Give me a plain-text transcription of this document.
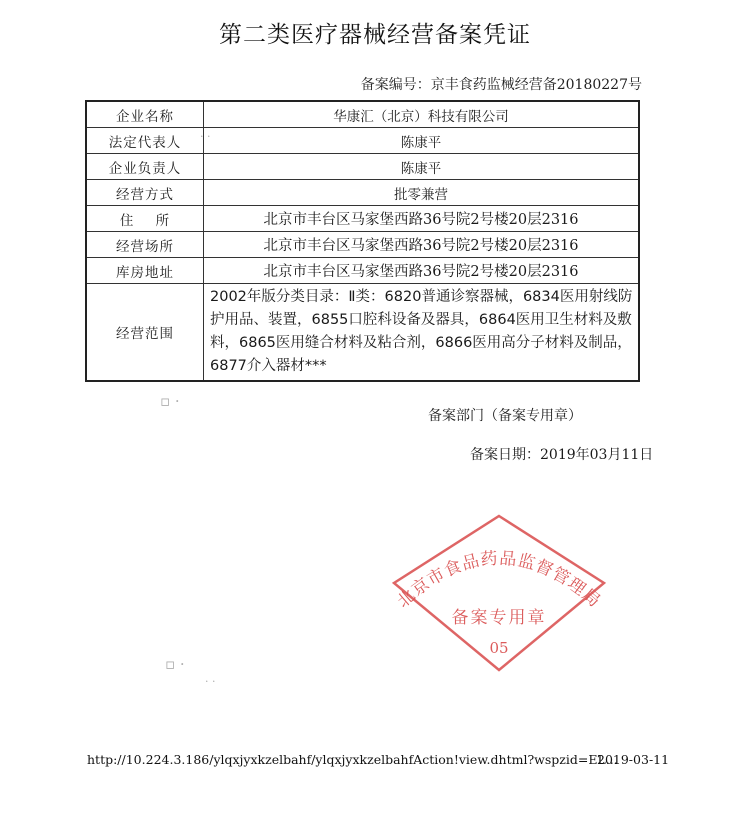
第二类医疗器械经营备案凭证
备案编号：京丰食药监械经营备20180227号
企业名称	华康汇（北京）科技有限公司
法定代表人	陈康平
企业负责人	陈康平
经营方式	批零兼营
住    所	北京市丰台区马家堡西路36号院2号楼20层2316
经营场所	北京市丰台区马家堡西路36号院2号楼20层2316
库房地址	北京市丰台区马家堡西路36号院2号楼20层2316
经营范围	2002年版分类目录：Ⅱ类：6820普通诊察器械，6834医用射线防护用品、装置，6855口腔科设备及器具，6864医用卫生材料及敷料，6865医用缝合材料及粘合剂，6866医用高分子材料及制品，6877介入器材***
· ·
▫ ·
▫ ·
· ·
备案部门（备案专用章）
备案日期：2019年03月11日
北京市食品药品监督管理局
备案专用章
05
http://10.224.3.186/ylqxjyxkzelbahf/ylqxjyxkzelbahfAction!view.dhtml?wspzid=EL...
2019-03-11
